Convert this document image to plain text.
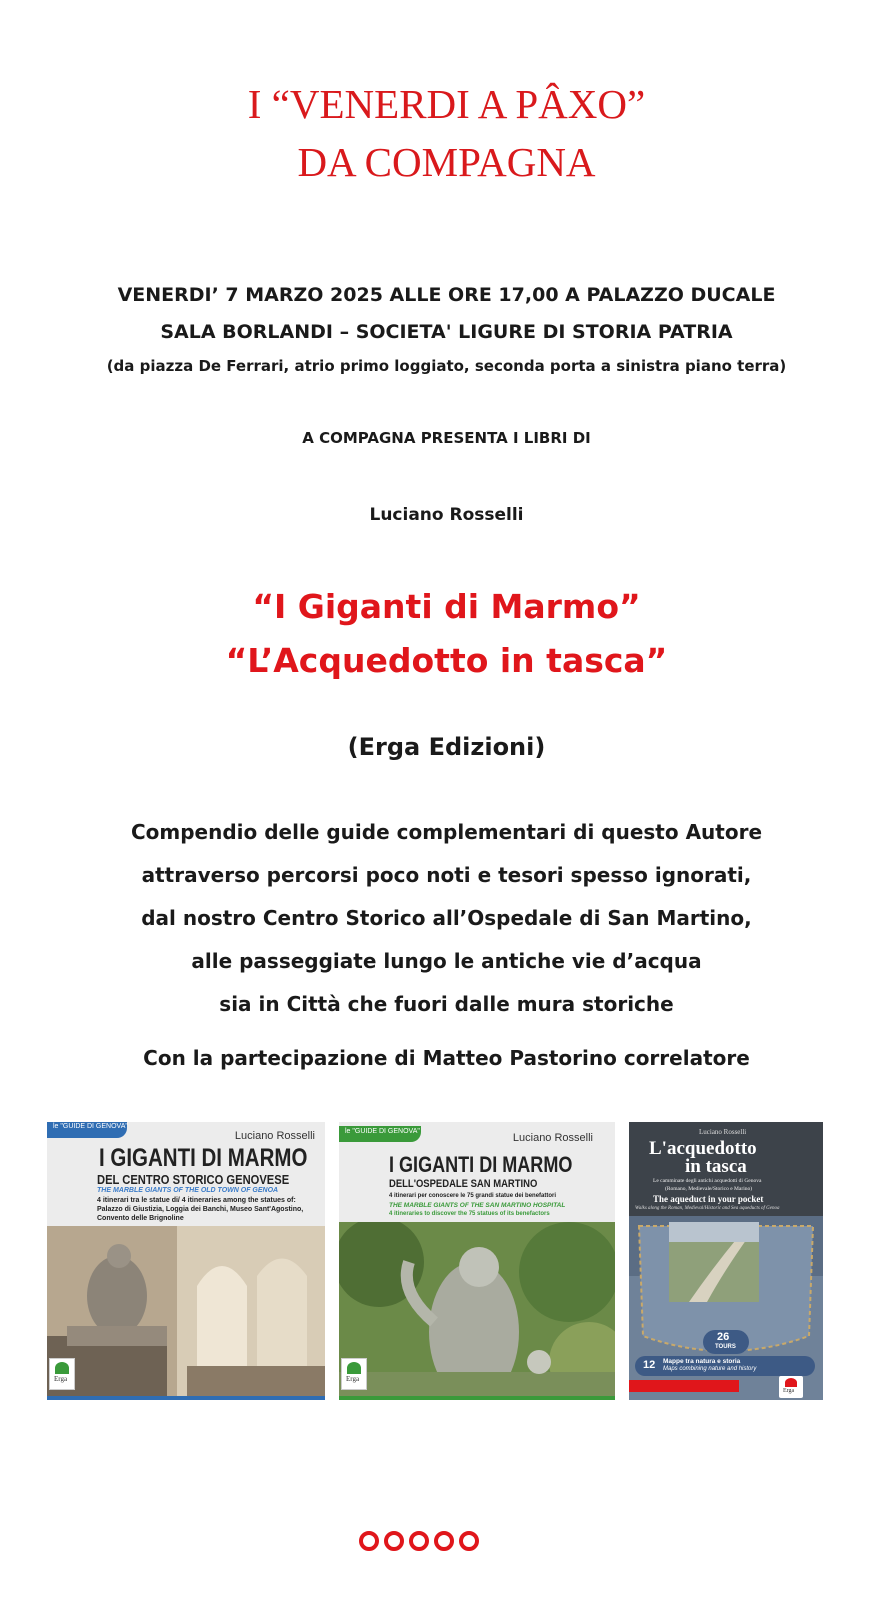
I “VENERDI A PÂXO”
DA COMPAGNA
VENERDI’ 7 MARZO 2025 ALLE ORE 17,00 A PALAZZO DUCALE
SALA BORLANDI – SOCIETA' LIGURE DI STORIA PATRIA
(da piazza De Ferrari, atrio primo loggiato, seconda porta a sinistra piano terra)
A COMPAGNA PRESENTA I LIBRI DI
Luciano Rosselli
“I Giganti di Marmo”
“L’Acquedotto in tasca”
(Erga Edizioni)
Compendio delle guide complementari di questo Autore
attraverso percorsi poco noti e tesori spesso ignorati,
dal nostro Centro Storico all’Ospedale di San Martino,
alle passeggiate lungo le antiche vie d’acqua
sia in Città che fuori dalle mura storiche
Con la partecipazione di Matteo Pastorino correlatore
le "GUIDE DI GENOVA"
Luciano Rosselli
I GIGANTI DI MARMO
DEL CENTRO STORICO GENOVESE
THE MARBLE GIANTS OF THE OLD TOWN OF GENOA
4 itinerari tra le statue di/ 4 itineraries among the statues of:
Palazzo di Giustizia, Loggia dei Banchi, Museo Sant'Agostino,
Convento delle Brignoline
Erga
le "GUIDE DI GENOVA"
Luciano Rosselli
I GIGANTI DI MARMO
DELL'OSPEDALE SAN MARTINO
4 itinerari per conoscere le 75 grandi statue dei benefattori
THE MARBLE GIANTS OF THE SAN MARTINO HOSPITAL
4 itineraries to discover the 75 statues of its benefactors
Erga
Luciano Rosselli
L'acquedotto
in tasca
Le camminate degli antichi acquedotti di Genova
(Romano, Medievale/Storico e Marino)
The aqueduct in your pocket
Walks along the Roman, Medieval/Historic and Sea aqueducts of Genoa
26
TOURS
12 Mappe tra natura e storia
Maps combining nature and history
Erga
